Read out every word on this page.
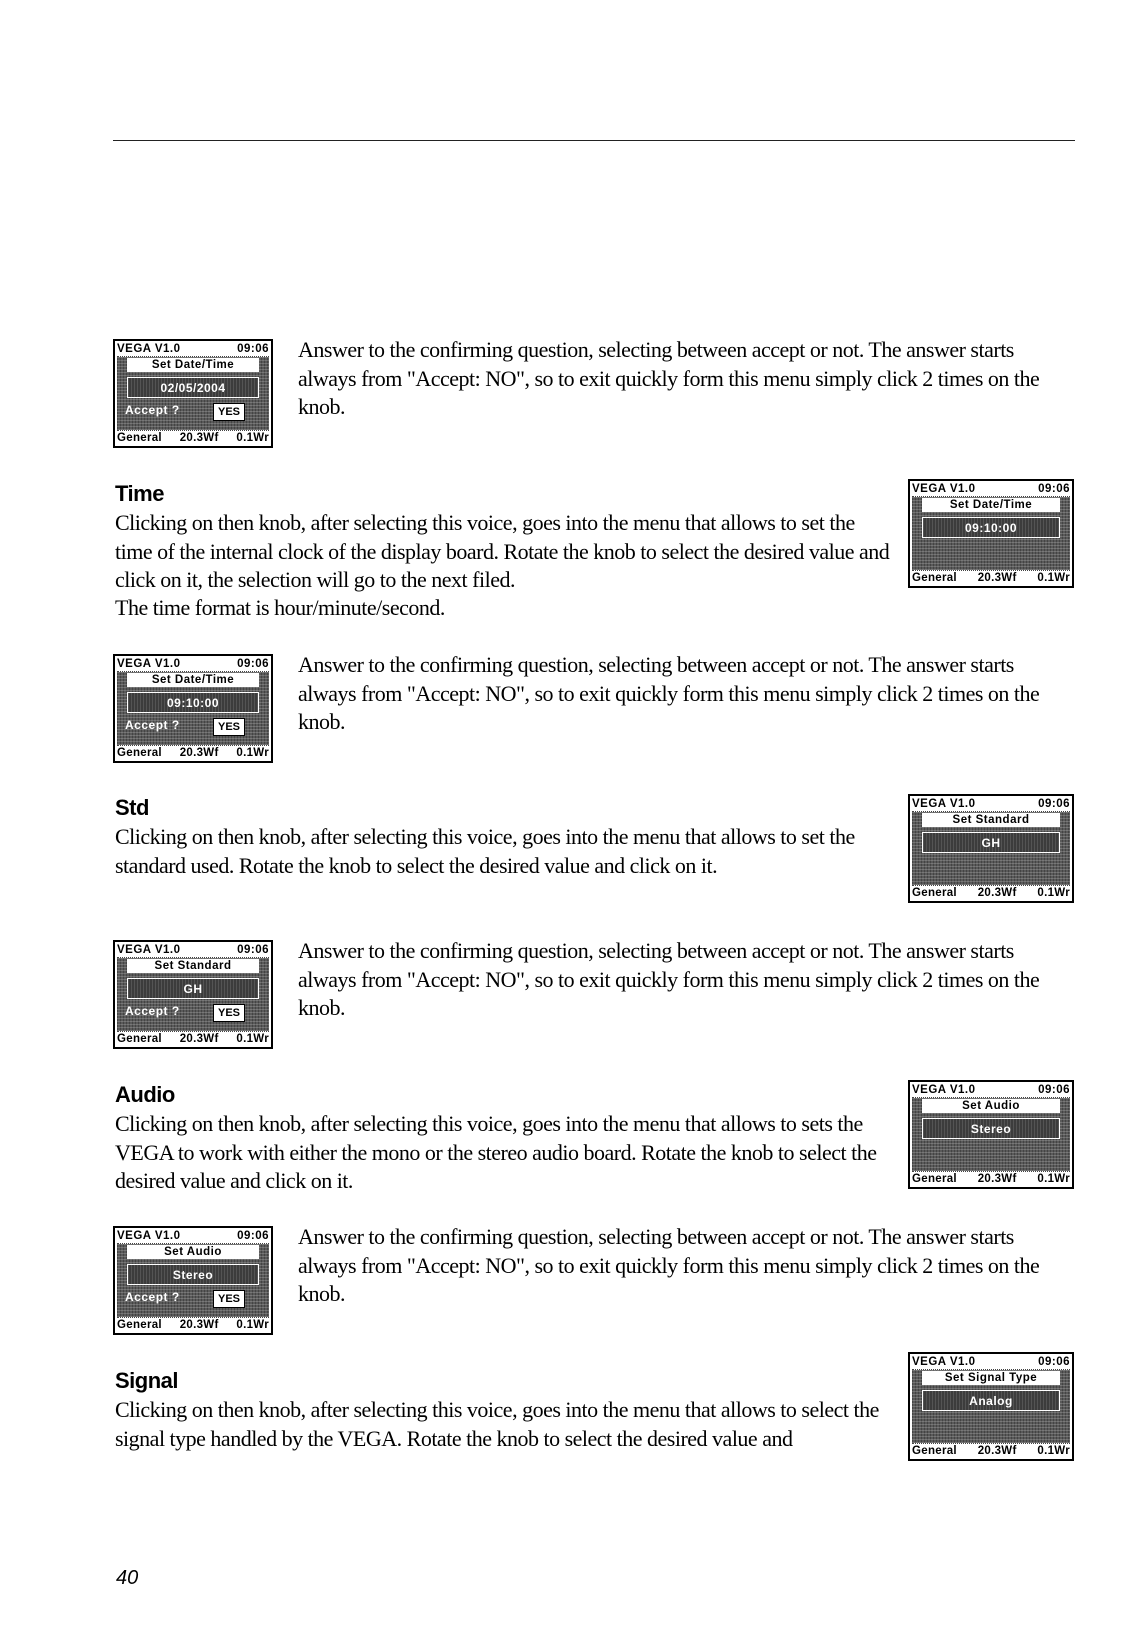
VEGA V1.0	09:06
Set Date/Time
02/05/2004
Accept ?	YES
General 20.3Wf 0.1Wr

Answer to the confirming question, selecting between accept or not. The answer starts always from "Accept: NO", so to exit quickly form this menu simply click 2 times on the knob.

Time

Clicking on then knob, after selecting this voice, goes into the menu that allows to set the time of the internal clock of the display board. Rotate the knob to select the desired value and click on it, the selection will go to the next filed.

The time format is hour/minute/second.

VEGA V1.0	09:06
Set Date/Time
09:10:00
General 20.3Wf 0.1Wr
VEGA V1.0	09:06
Set Date/Time
09:10:00
Accept ?	YES
General 20.3Wf 0.1Wr

Answer to the confirming question, selecting between accept or not. The answer starts always from "Accept: NO", so to exit quickly form this menu simply click 2 times on the knob.

Std

Clicking on then knob, after selecting this voice, goes into the menu that allows to set the standard used. Rotate the knob to select the desired value and click on it.

VEGA V1.0	09:06
Set Standard
GH
General 20.3Wf 0.1Wr
VEGA V1.0	09:06
Set Standard
GH
Accept ?	YES
General 20.3Wf 0.1Wr

Answer to the confirming question, selecting between accept or not. The answer starts always from "Accept: NO", so to exit quickly form this menu simply click 2 times on the knob.

Audio

Clicking on then knob, after selecting this voice, goes into the menu that allows to sets the VEGA to work with either the mono or the stereo audio board. Rotate the knob to select the desired value and click on it.

VEGA V1.0	09:06
Set Audio
Stereo
General 20.3Wf 0.1Wr
VEGA V1.0	09:06
Set Audio
Stereo
Accept ?	YES
General 20.3Wf 0.1Wr

Answer to the confirming question, selecting between accept or not. The answer starts always from "Accept: NO", so to exit quickly form this menu simply click 2 times on the knob.

Signal

Clicking on then knob, after selecting this voice, goes into the menu that allows to select the signal type handled by the VEGA. Rotate the knob to select the desired value and

VEGA V1.0	09:06
Set Signal Type
Analog
General 20.3Wf 0.1Wr
40
